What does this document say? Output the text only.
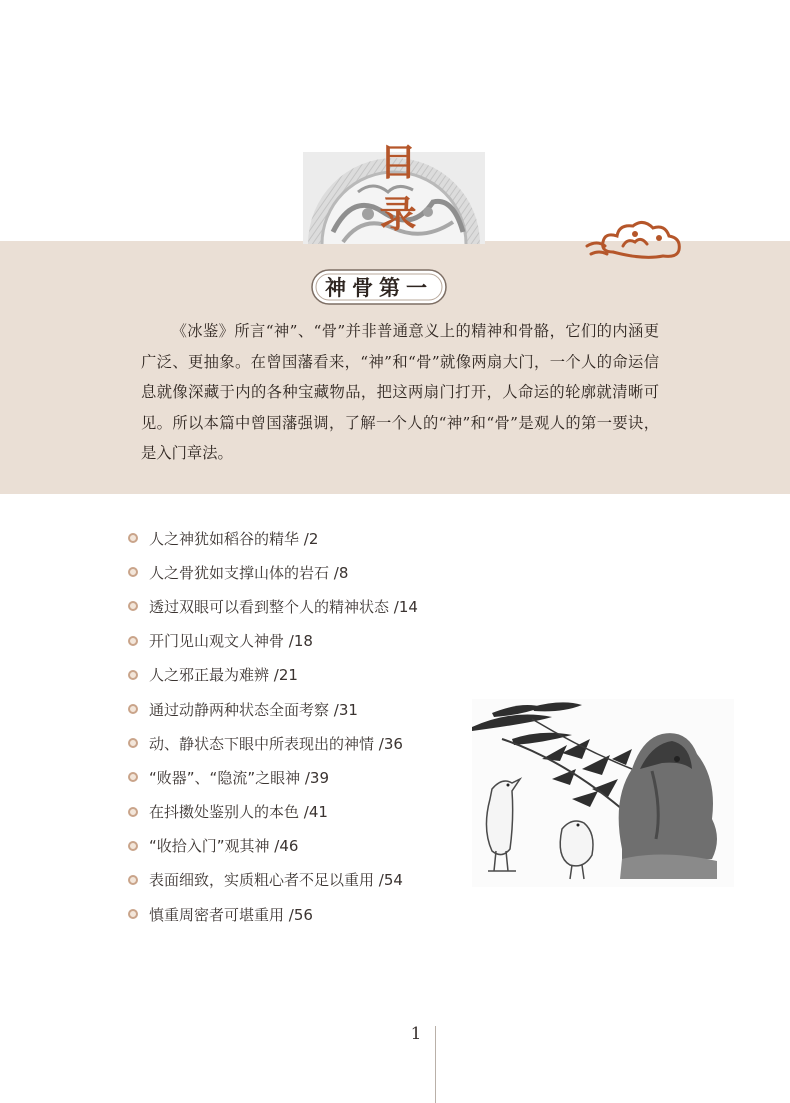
目
录
神骨第一

《冰鉴》所言“神”、“骨”并非普通意义上的精神和骨骼，它们的内涵更广泛、更抽象。在曾国藩看来，“神”和“骨”就像两扇大门，一个人的命运信息就像深藏于内的各种宝藏物品，把这两扇门打开，人命运的轮廓就清晰可见。所以本篇中曾国藩强调，了解一个人的“神”和“骨”是观人的第一要诀，是入门章法。

人之神犹如稻谷的精华 /2
人之骨犹如支撑山体的岩石 /8
透过双眼可以看到整个人的精神状态 /14
开门见山观文人神骨 /18
人之邪正最为难辨 /21
通过动静两种状态全面考察 /31
动、静状态下眼中所表现出的神情 /36
“败器”、“隐流”之眼神 /39
在抖擞处鉴别人的本色 /41
“收拾入门”观其神 /46
表面细致，实质粗心者不足以重用 /54
慎重周密者可堪重用 /56
1
